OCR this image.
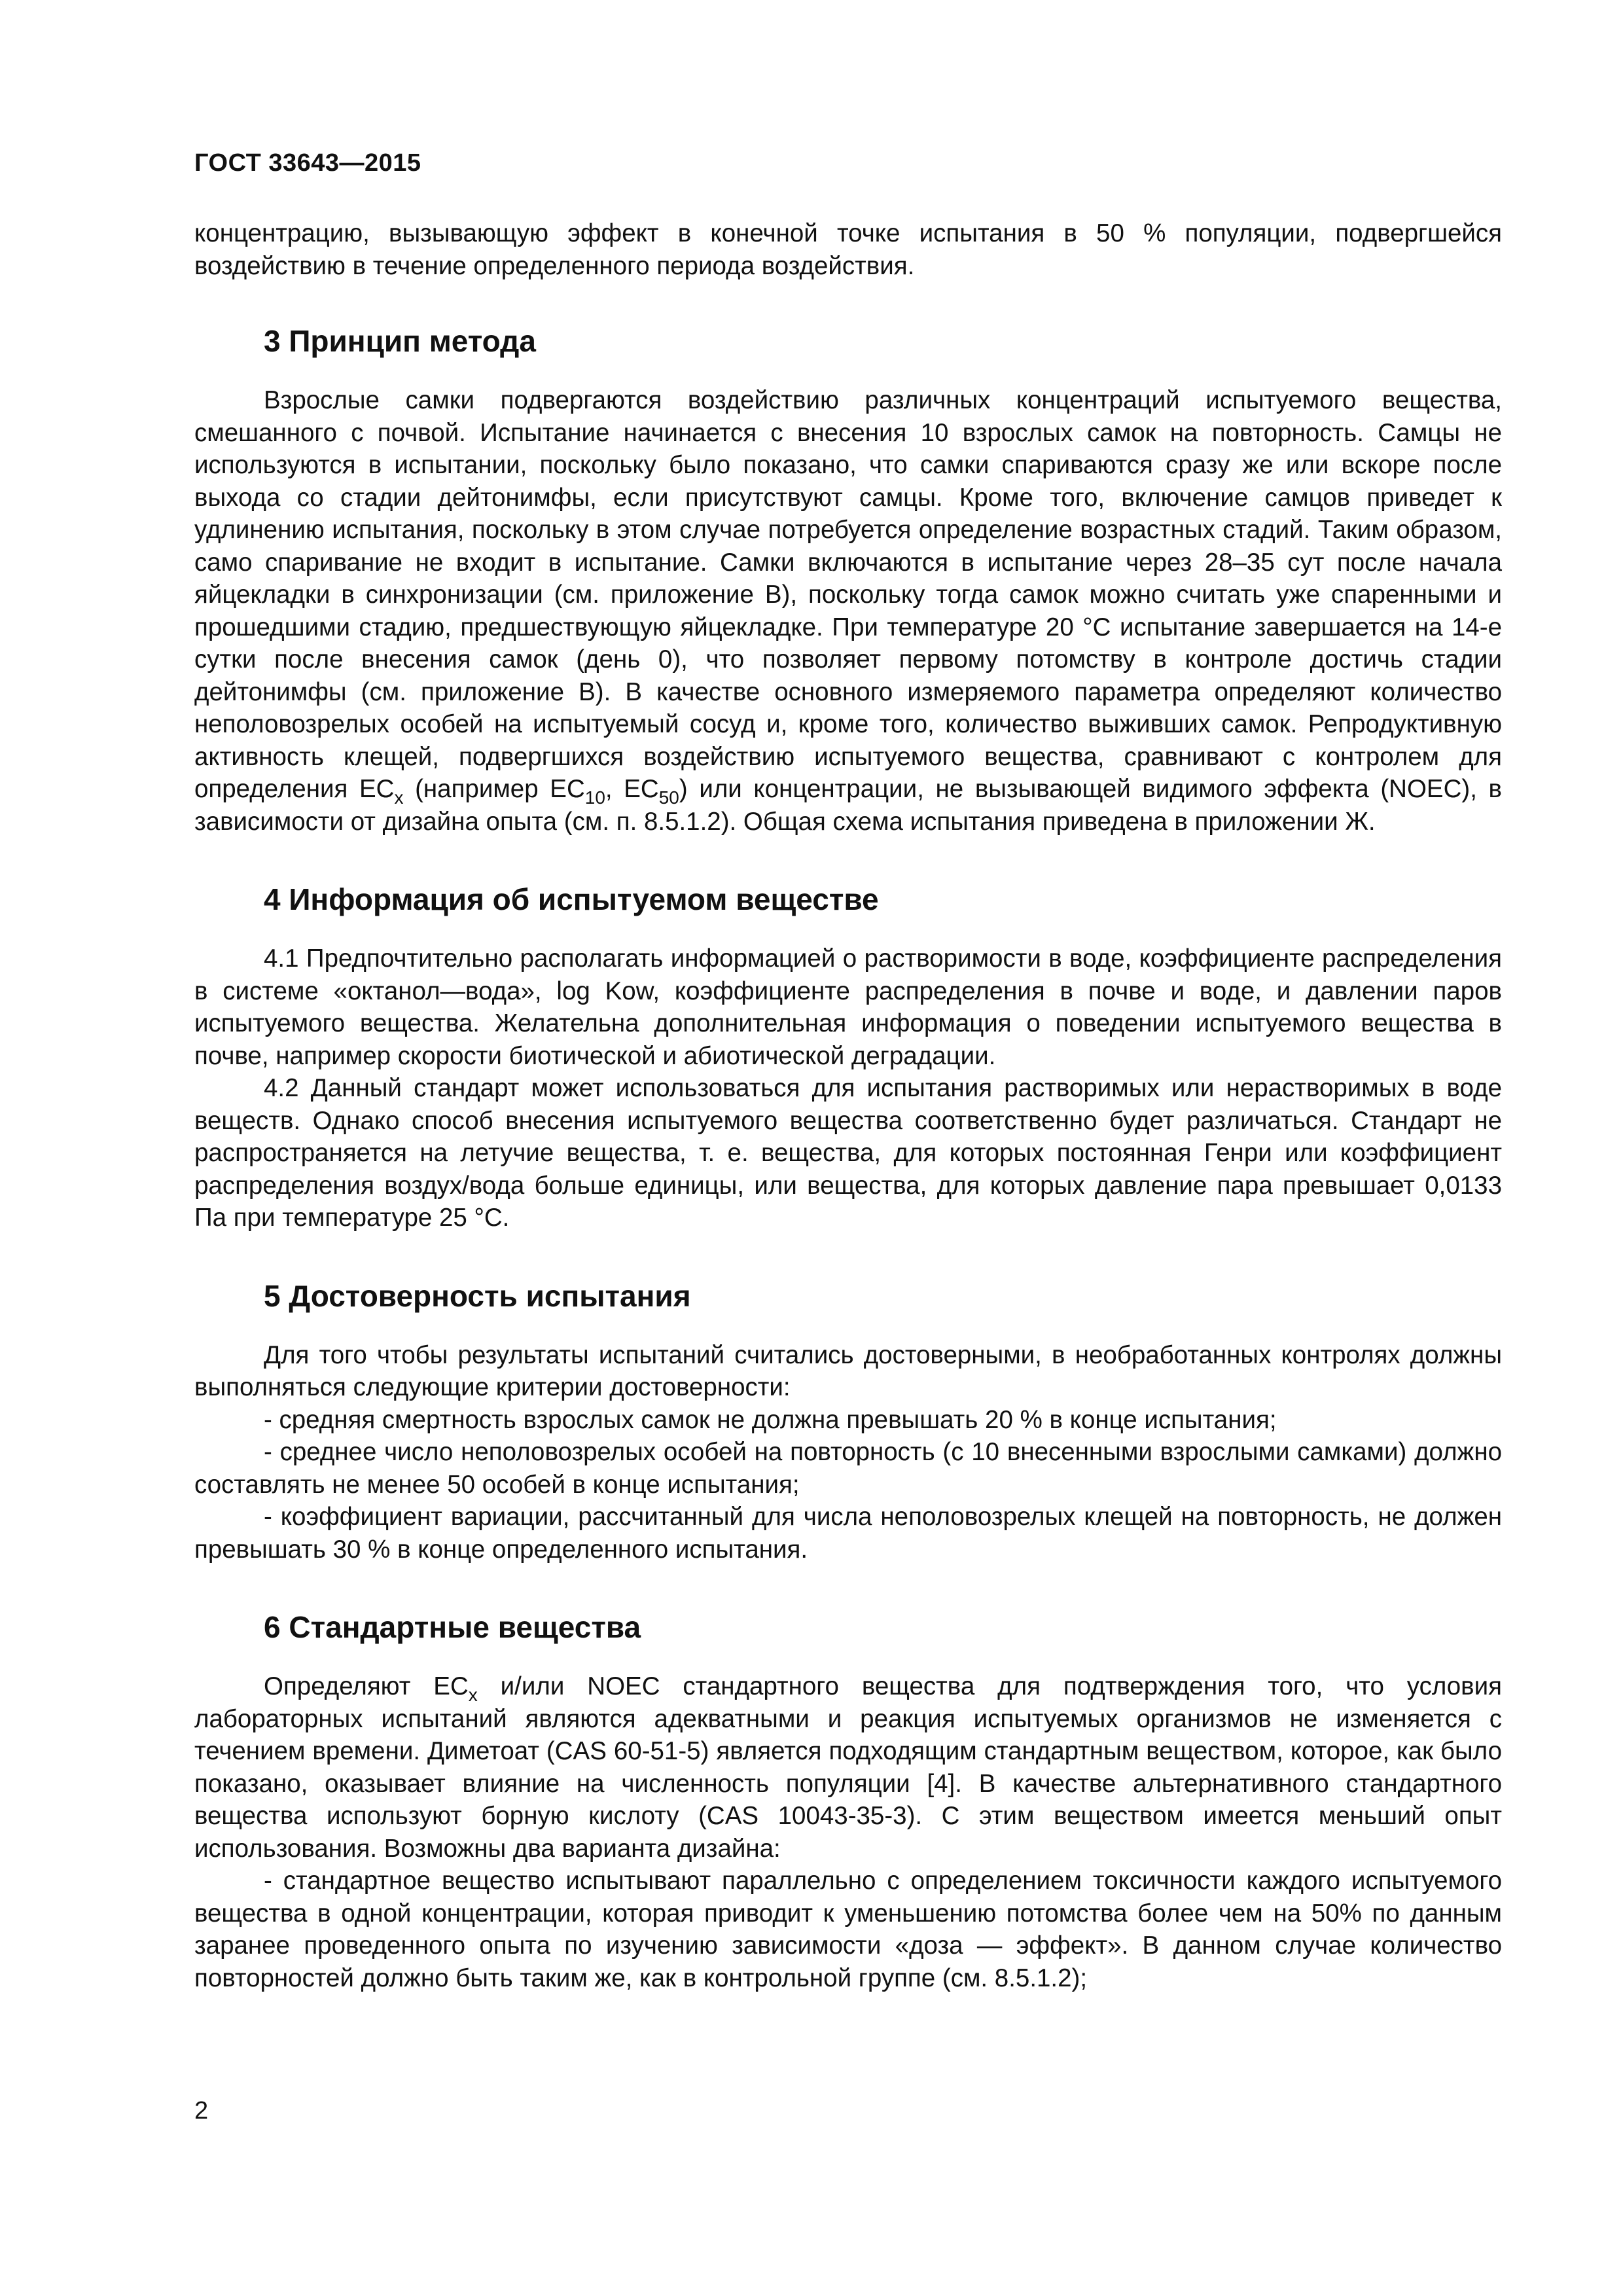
ГОСТ 33643—2015

концентрацию, вызывающую эффект в конечной точке испытания в 50 % популяции, подвергшейся воздействию в течение определенного периода воздействия.

3 Принцип метода

Взрослые самки подвергаются воздействию различных концентраций испытуемого вещества, смешанного с почвой. Испытание начинается с внесения 10 взрослых самок на повторность. Самцы не используются в испытании, поскольку было показано, что самки спариваются сразу же или вскоре после выхода со стадии дейтонимфы, если присутствуют самцы. Кроме того, включение самцов приведет к удлинению испытания, поскольку в этом случае потребуется определение возрастных стадий. Таким образом, само спаривание не входит в испытание. Самки включаются в испытание через 28–35 сут после начала яйцекладки в синхронизации (см. приложение В), поскольку тогда самок можно считать уже спаренными и прошедшими стадию, предшествующую яйцекладке. При температуре 20 °С испытание завершается на 14-е сутки после внесения самок (день 0), что позволяет первому потомству в контроле достичь стадии дейтонимфы (см. приложение В). В качестве основного измеряемого параметра определяют количество неполовозрелых особей на испытуемый сосуд и, кроме того, количество выживших самок. Репродуктивную активность клещей, подвергшихся воздействию испытуемого вещества, сравнивают с контролем для определения $EC_x$ (например $EC_{10}$, $EC_{50}$) или концентрации, не вызывающей видимого эффекта (NOEC), в зависимости от дизайна опыта (см. п. 8.5.1.2). Общая схема испытания приведена в приложении Ж.

4 Информация об испытуемом веществе

4.1 Предпочтительно располагать информацией о растворимости в воде, коэффициенте распределения в системе «октанол—вода», log Kow, коэффициенте распределения в почве и воде, и давлении паров испытуемого вещества. Желательна дополнительная информация о поведении испытуемого вещества в почве, например скорости биотической и абиотической деградации.

4.2 Данный стандарт может использоваться для испытания растворимых или нерастворимых в воде веществ. Однако способ внесения испытуемого вещества соответственно будет различаться. Стандарт не распространяется на летучие вещества, т. е. вещества, для которых постоянная Генри или коэффициент распределения воздух/вода больше единицы, или вещества, для которых давление пара превышает 0,0133 Па при температуре 25 °С.

5 Достоверность испытания

Для того чтобы результаты испытаний считались достоверными, в необработанных контролях должны выполняться следующие критерии достоверности:

- средняя смертность взрослых самок не должна превышать 20 % в конце испытания;

- среднее число неполовозрелых особей на повторность (с 10 внесенными взрослыми самками) должно составлять не менее 50 особей в конце испытания;

- коэффициент вариации, рассчитанный для числа неполовозрелых клещей на повторность, не должен превышать 30 % в конце определенного испытания.

6 Стандартные вещества

Определяют $EC_x$ и/или NOEC стандартного вещества для подтверждения того, что условия лабораторных испытаний являются адекватными и реакция испытуемых организмов не изменяется с течением времени. Диметоат (CAS 60-51-5) является подходящим стандартным веществом, которое, как было показано, оказывает влияние на численность популяции [4]. В качестве альтернативного стандартного вещества используют борную кислоту (CAS 10043-35-3). С этим веществом имеется меньший опыт использования. Возможны два варианта дизайна:

- стандартное вещество испытывают параллельно с определением токсичности каждого испытуемого вещества в одной концентрации, которая приводит к уменьшению потомства более чем на 50% по данным заранее проведенного опыта по изучению зависимости «доза — эффект». В данном случае количество повторностей должно быть таким же, как в контрольной группе (см. 8.5.1.2);

2
